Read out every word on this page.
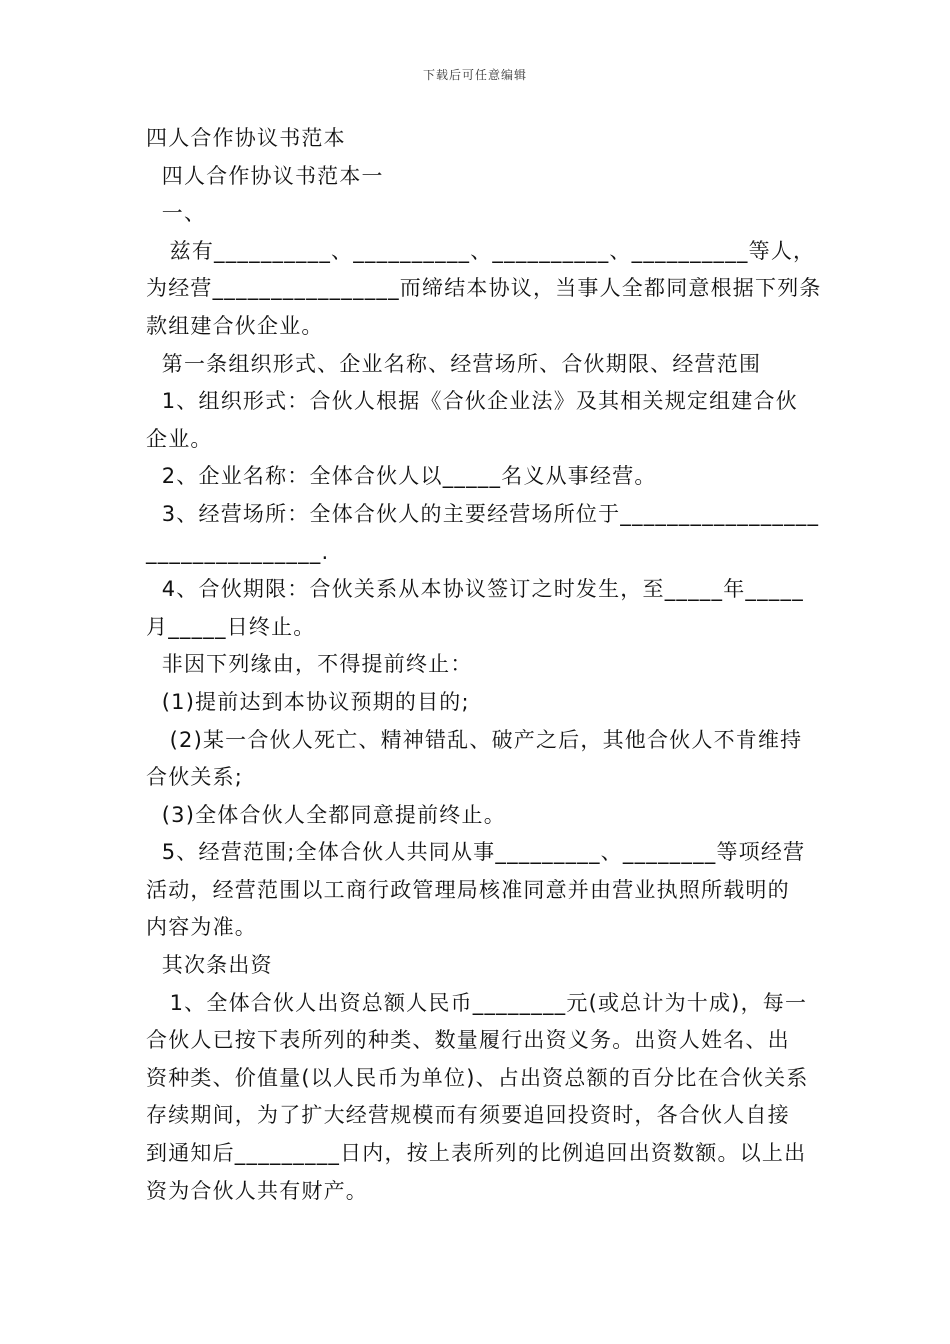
下载后可任意编辑
四人合作协议书范本
四人合作协议书范本一
一、
兹有__________、__________、__________、__________等人，
为经营________________而缔结本协议，当事人全都同意根据下列条
款组建合伙企业。
第一条组织形式、企业名称、经营场所、合伙期限、经营范围
1、组织形式：合伙人根据《合伙企业法》及其相关规定组建合伙
企业。
2、企业名称：全体合伙人以_____名义从事经营。
3、经营场所：全体合伙人的主要经营场所位于_________________
_______________.
4、合伙期限：合伙关系从本协议签订之时发生，至_____年_____
月_____日终止。
非因下列缘由，不得提前终止：
(1)提前达到本协议预期的目的;
(2)某一合伙人死亡、精神错乱、破产之后，其他合伙人不肯维持
合伙关系;
(3)全体合伙人全都同意提前终止。
5、经营范围;全体合伙人共同从事_________、________等项经营
活动，经营范围以工商行政管理局核准同意并由营业执照所载明的
内容为准。
其次条出资
1、全体合伙人出资总额人民币________元(或总计为十成)，每一
合伙人已按下表所列的种类、数量履行出资义务。出资人姓名、出
资种类、价值量(以人民币为单位)、占出资总额的百分比在合伙关系
存续期间，为了扩大经营规模而有须要追回投资时，各合伙人自接
到通知后_________日内，按上表所列的比例追回出资数额。以上出
资为合伙人共有财产。
